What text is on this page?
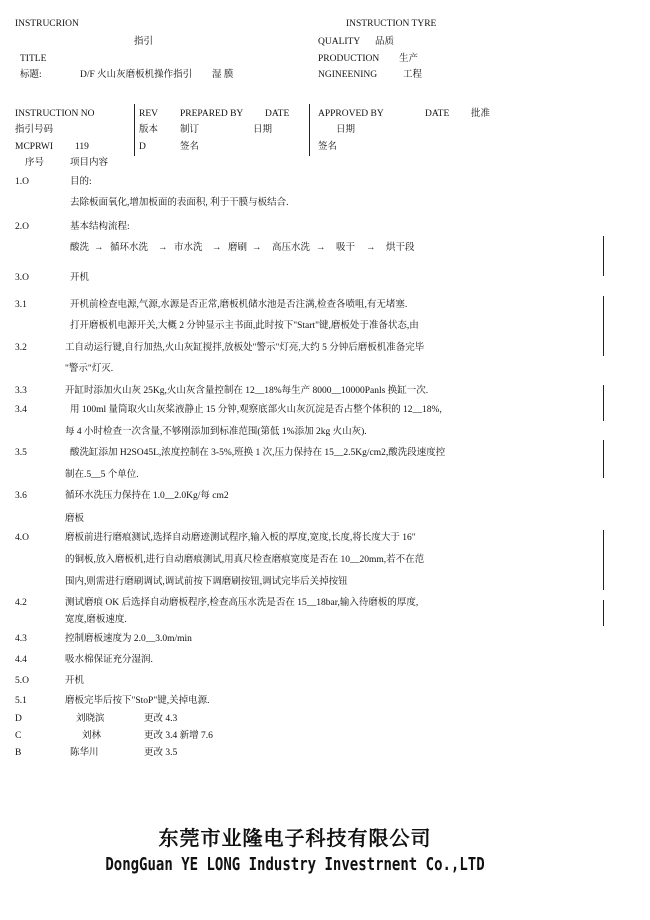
INSTRUCRION	INSTRUCTION TYRE
指引	QUALITY 品质
TITLE	PRODUCTION 生产
标题:	D/F 火山灰磨板机操作指引 湿 膜	NGINEENING	工程
INSTRUCTION NO	REV PREPARED BY DATE	APPROVED BY	DATE 批准
指引号码	版本 制订	日期	日期
MCPRWI 119	D	签名	签名
序号	项目内容
1.O	目的:
去除板面氧化,增加板面的表面积, 利于干膜与板结合.
2.O	基本结构流程:
酸洗 → 循环水洗 → 市水洗 → 磨刷 → 高压水洗 → 吸干 → 烘干段
3.O	开机
3.1	开机前检查电源,气源,水源是否正常,磨板机储水池是否注满,检查各喷咀,有无堵塞.
打开磨板机电源开关,大概 2 分钟显示主书面,此时按下"Start"键,磨板处于准备状态,由
3.2	工自动运行键,自行加热,火山灰缸搅拌,放板处"警示"灯亮,大约 5 分钟后磨板机准备完毕
"警示"灯灭.
3.3	开缸时添加火山灰 25Kg,火山灰含量控制在 12__18%每生产 8000__10000Panls 换缸一次.
3.4	用 100ml 量筒取火山灰桨液静止 15 分钟,观察底部火山灰沉淀是否占整个体积的 12__18%,
每 4 小时检查一次含量,不够刚添加到标准范围(第低 1%添加 2kg 火山灰).
3.5	酸洗缸添加 H2SO45L,浓度控制在 3-5%,班换 1 次,压力保持在 15__2.5Kg/cm2,酸洗段速度控
制在.5__5 个单位.
3.6	循环水洗压力保持在 1.0__2.0Kg/每 cm2
磨板
4.O	磨板前进行磨痕测试,选择自动磨迹测试程序,输入板的厚度,宽度,长度,将长度大于 16"
的铜板,放入磨板机,进行自动磨痕测试,用真尺检查磨痕宽度是否在 10__20mm,若不在范
围内,则需进行磨刷调试,调试前按下调磨刷按钮,调试完毕后关掉按钮
4.2	测试磨痕 OK 后选择自动磨板程序,检查高压水洗是否在 15__18bar,输入待磨板的厚度,
宽度,磨板速度.
4.3	控制磨板速度为 2.0__3.0m/min
4.4	吸水棉保证充分湿润.
5.O	开机
5.1	磨板完毕后按下"StoP"键,关掉电源.
D	刘晓滨	更改 4.3
C	刘林	更改 3.4 新增 7.6
B	陈华川	更改 3.5
东莞市业隆电子科技有限公司
DongGuan YE LONG Industry Investrnent Co.,LTD
